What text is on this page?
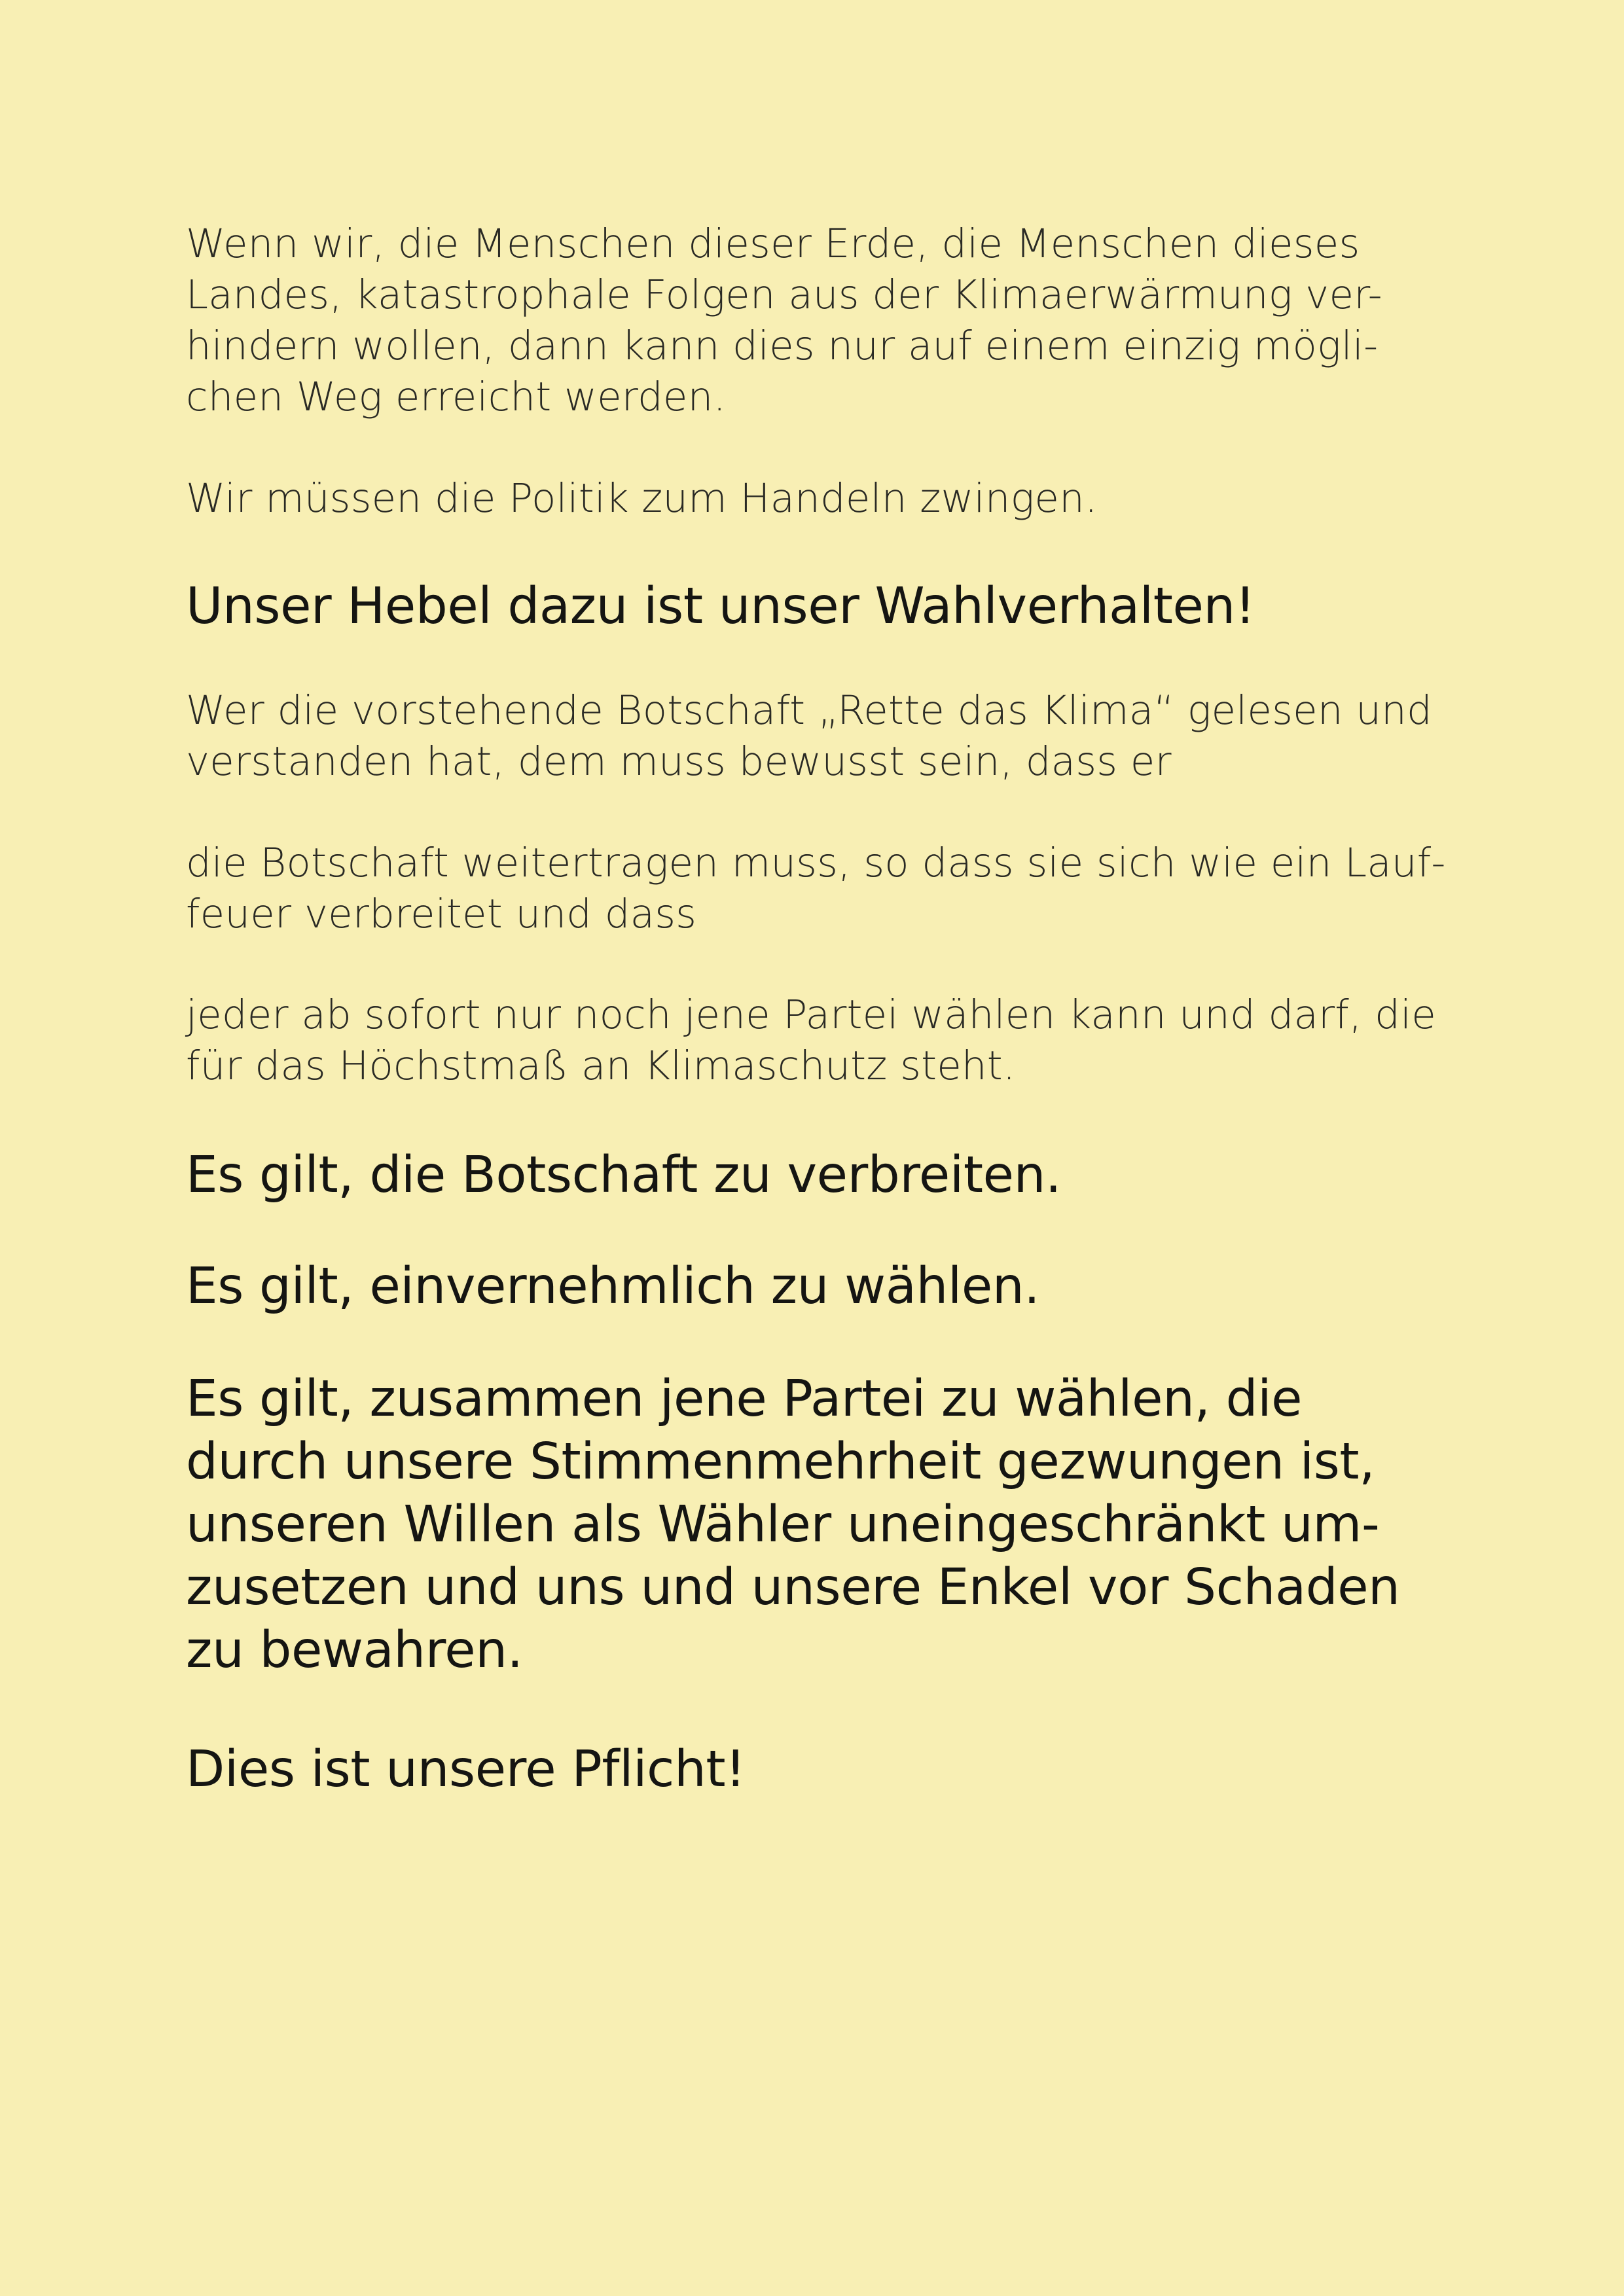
Wenn wir, die Menschen dieser Erde, die Menschen dieses
Landes, katastrophale Folgen aus der Klimaerwärmung ver-
hindern wollen, dann kann dies nur auf einem einzig mögli-
chen Weg erreicht werden.

Wir müssen die Politik zum Handeln zwingen.

Unser Hebel dazu ist unser Wahlverhalten!

Wer die vorstehende Botschaft „Rette das Klima“ gelesen und
verstanden hat, dem muss bewusst sein, dass er

die Botschaft weitertragen muss, so dass sie sich wie ein Lauf-
feuer verbreitet und dass

jeder ab sofort nur noch jene Partei wählen kann und darf, die
für das Höchstmaß an Klimaschutz steht.

Es gilt, die Botschaft zu verbreiten.

Es gilt, einvernehmlich zu wählen.

Es gilt, zusammen jene Partei zu wählen, die
durch unsere Stimmenmehrheit gezwungen ist,
unseren Willen als Wähler uneingeschränkt um-
zusetzen und uns und unsere Enkel vor Schaden
zu bewahren.

Dies ist unsere Pflicht!
